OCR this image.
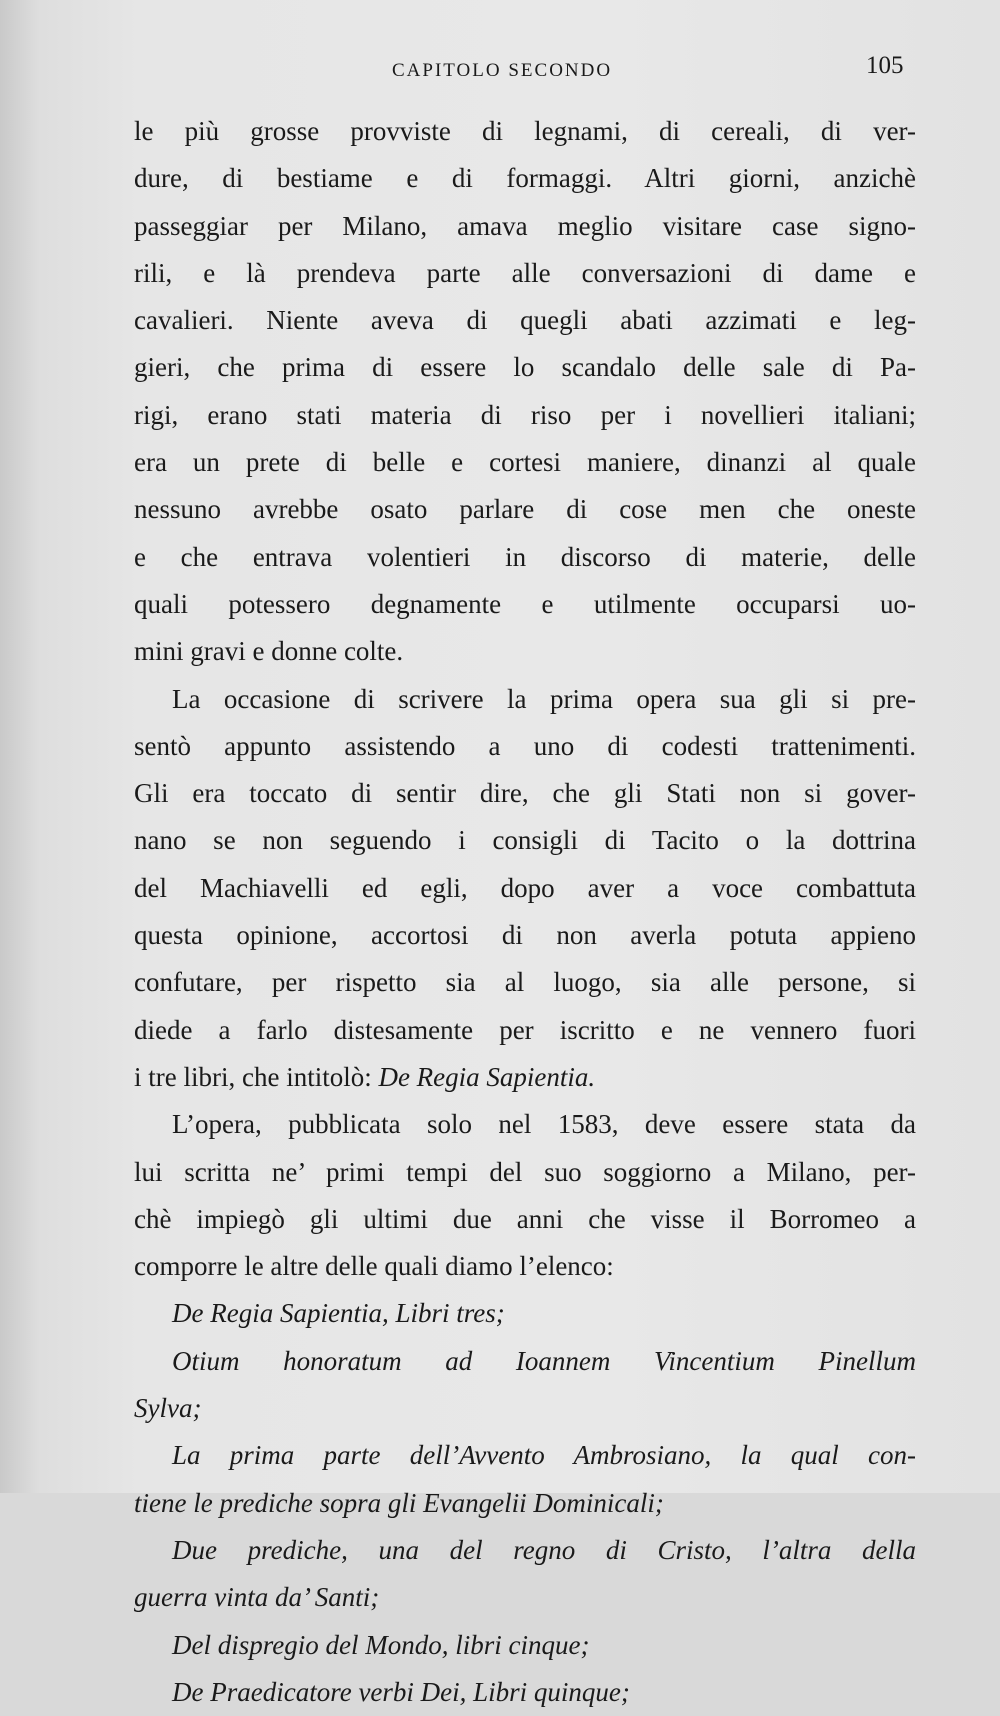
CAPITOLO SECONDO	105
le più grosse provviste di legnami, di cereali, di ver-
dure, di bestiame e di formaggi. Altri giorni, anzichè
passeggiar per Milano, amava meglio visitare case signo-
rili, e là prendeva parte alle conversazioni di dame e
cavalieri. Niente aveva di quegli abati azzimati e leg-
gieri, che prima di essere lo scandalo delle sale di Pa-
rigi, erano stati materia di riso per i novellieri italiani;
era un prete di belle e cortesi maniere, dinanzi al quale
nessuno avrebbe osato parlare di cose men che oneste
e che entrava volentieri in discorso di materie, delle
quali potessero degnamente e utilmente occuparsi uo-
mini gravi e donne colte.
La occasione di scrivere la prima opera sua gli si pre-
sentò appunto assistendo a uno di codesti trattenimenti.
Gli era toccato di sentir dire, che gli Stati non si gover-
nano se non seguendo i consigli di Tacito o la dottrina
del Machiavelli ed egli, dopo aver a voce combattuta
questa opinione, accortosi di non averla potuta appieno
confutare, per rispetto sia al luogo, sia alle persone, si
diede a farlo distesamente per iscritto e ne vennero fuori
i tre libri, che intitolò: De Regia Sapientia.
L’opera, pubblicata solo nel 1583, deve essere stata da
lui scritta ne’ primi tempi del suo soggiorno a Milano, per-
chè impiegò gli ultimi due anni che visse il Borromeo a
comporre le altre delle quali diamo l’elenco:
De Regia Sapientia, Libri tres;
Otium honoratum ad Ioannem Vincentium Pinellum
Sylva;
La prima parte dell’Avvento Ambrosiano, la qual con-
tiene le prediche sopra gli Evangelii Dominicali;
Due prediche, una del regno di Cristo, l’altra della
guerra vinta da’ Santi;
Del dispregio del Mondo, libri cinque;
De Praedicatore verbi Dei, Libri quinque;
